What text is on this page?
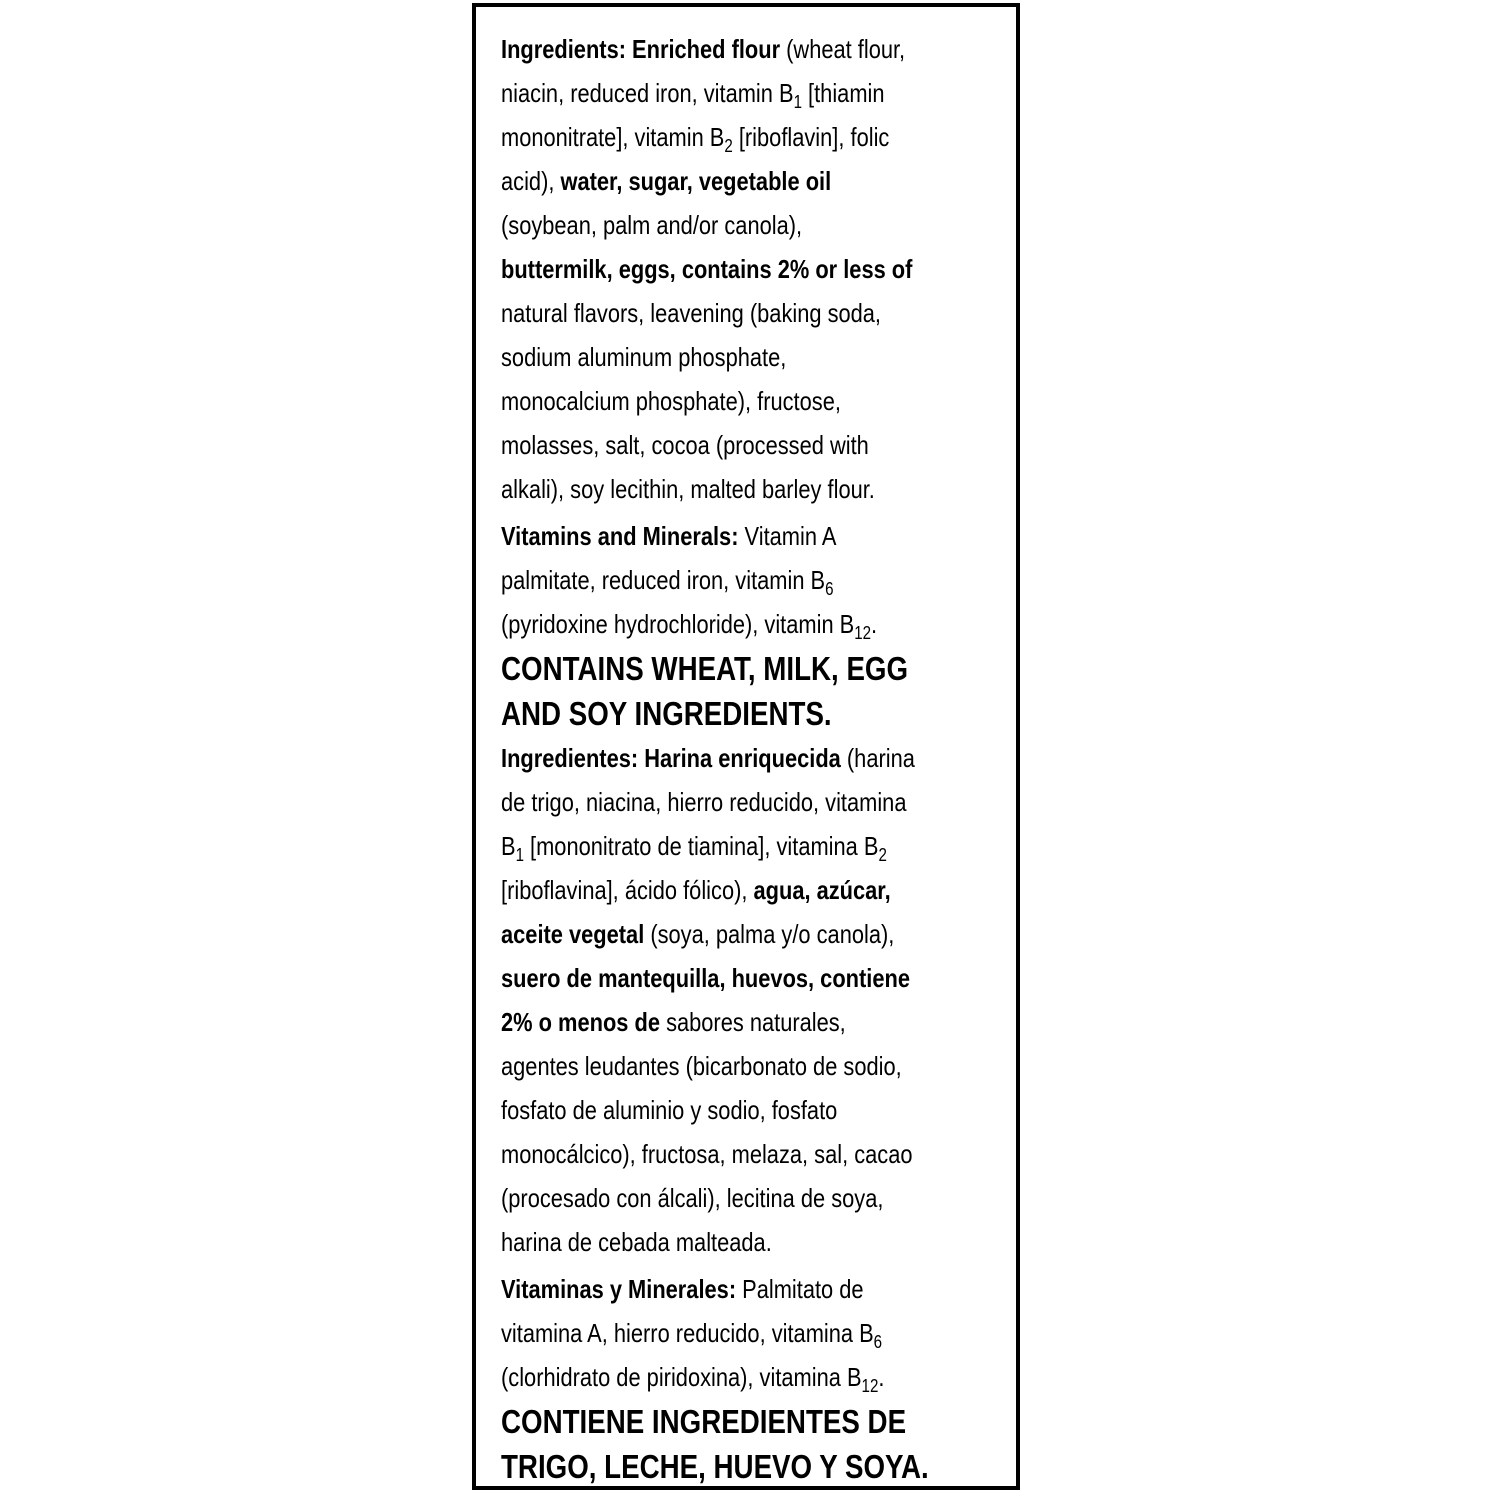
Ingredients: Enriched flour (wheat flour,
niacin, reduced iron, vitamin $B_1$ [thiamin
mononitrate], vitamin $B_2$ [riboflavin], folic
acid), water, sugar, vegetable oil
(soybean, palm and/or canola),
buttermilk, eggs, contains 2% or less of
natural flavors, leavening (baking soda,
sodium aluminum phosphate,
monocalcium phosphate), fructose,
molasses, salt, cocoa (processed with
alkali), soy lecithin, malted barley flour.
Vitamins and Minerals: Vitamin A
palmitate, reduced iron, vitamin $B_6$
(pyridoxine hydrochloride), vitamin $B_{12}$.
CONTAINS WHEAT, MILK, EGG
AND SOY INGREDIENTS.
Ingredientes: Harina enriquecida (harina
de trigo, niacina, hierro reducido, vitamina
$B_1$ [mononitrato de tiamina], vitamina $B_2$
[riboflavina], ácido fólico), agua, azúcar,
aceite vegetal (soya, palma y/o canola),
suero de mantequilla, huevos, contiene
2% o menos de sabores naturales,
agentes leudantes (bicarbonato de sodio,
fosfato de aluminio y sodio, fosfato
monocálcico), fructosa, melaza, sal, cacao
(procesado con álcali), lecitina de soya,
harina de cebada malteada.
Vitaminas y Minerales: Palmitato de
vitamina A, hierro reducido, vitamina $B_6$
(clorhidrato de piridoxina), vitamina $B_{12}$.
CONTIENE INGREDIENTES DE
TRIGO, LECHE, HUEVO Y SOYA.
